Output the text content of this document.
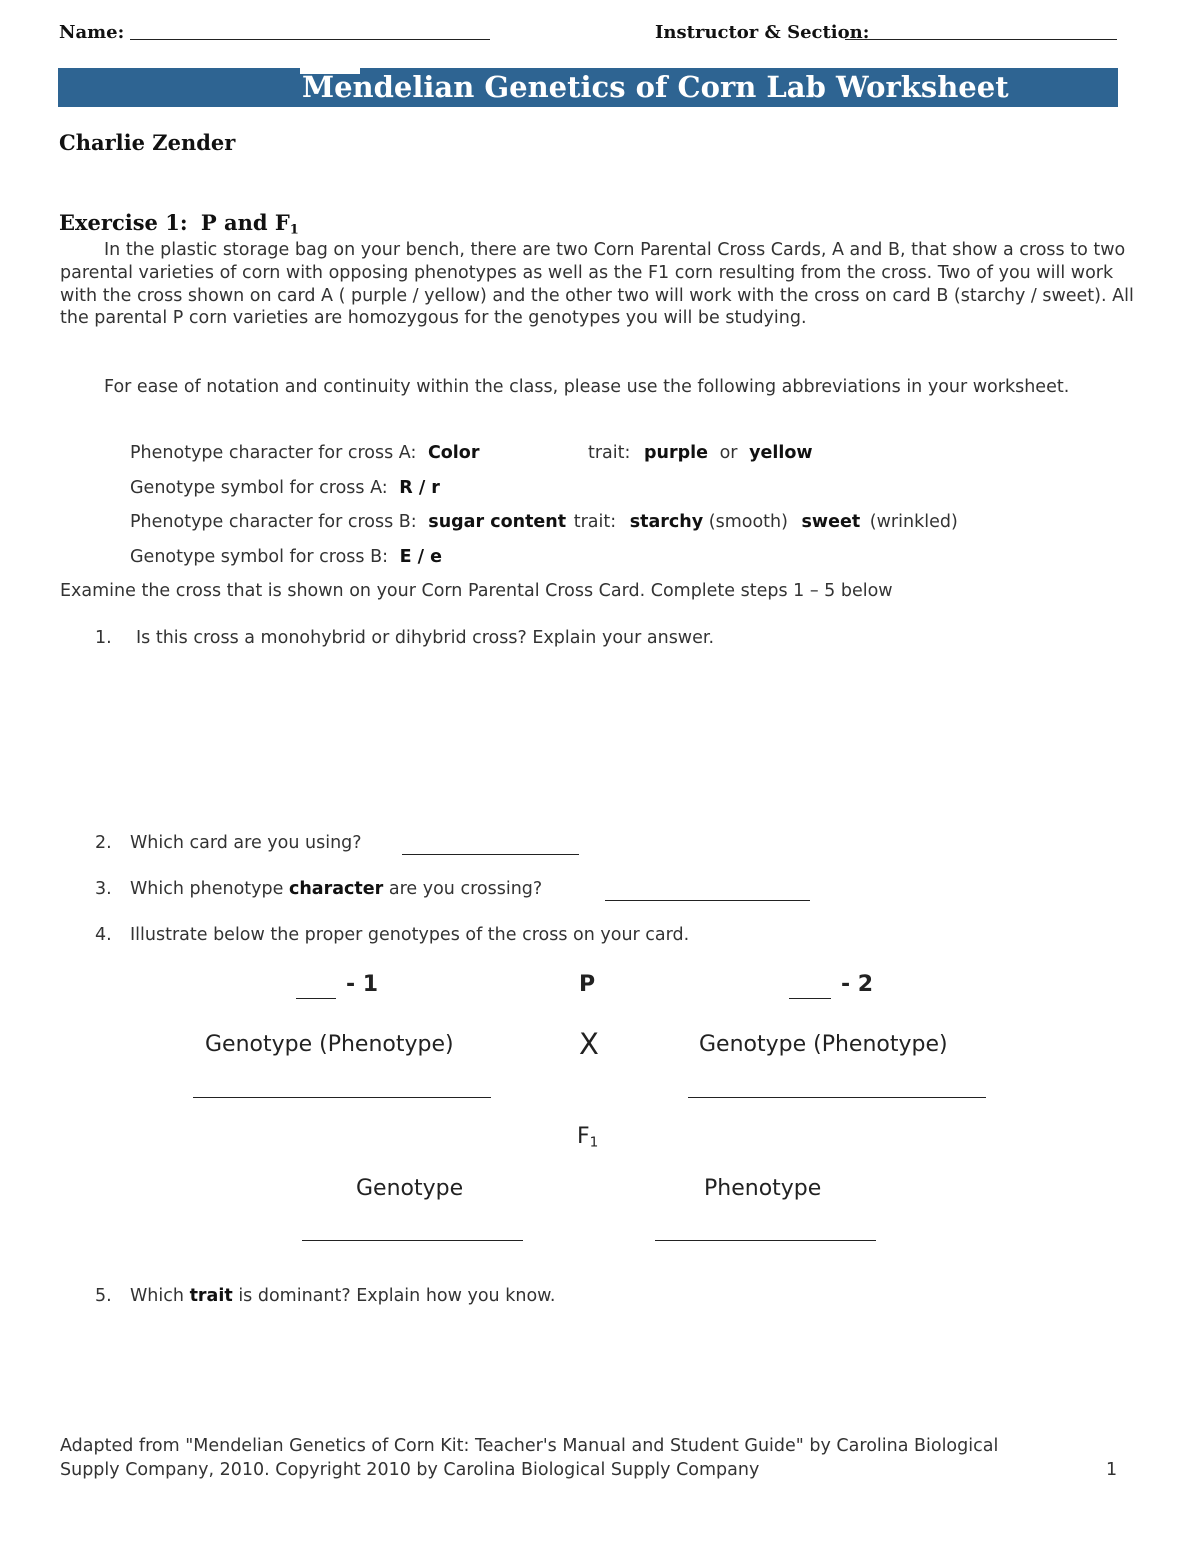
Name:	Instructor & Section:
Mendelian Genetics of Corn Lab Worksheet
Charlie Zender
Exercise 1: P and $F_1$
In the plastic storage bag on your bench, there are two Corn Parental Cross Cards, A and B, that show a cross to two parental varieties of corn with opposing phenotypes as well as the F1 corn resulting from the cross. Two of you will work with the cross shown on card A ( purple / yellow) and the other two will work with the cross on card B (starchy / sweet). All the parental P corn varieties are homozygous for the genotypes you will be studying.
For ease of notation and continuity within the class, please use the following abbreviations in your worksheet.
Phenotype character for cross A: Color	trait: purple or yellow
Genotype symbol for cross A: R / r
Phenotype character for cross B: sugar content trait: starchy (smooth) sweet (wrinkled)
Genotype symbol for cross B: E / e
Examine the cross that is shown on your Corn Parental Cross Card. Complete steps 1 – 5 below
1. Is this cross a monohybrid or dihybrid cross? Explain your answer.
2. Which card are you using?
3. Which phenotype character are you crossing?
4. Illustrate below the proper genotypes of the cross on your card.
- 1	P	- 2
Genotype (Phenotype)	X	Genotype (Phenotype)
$F_1$
Genotype	Phenotype
5. Which trait is dominant? Explain how you know.
Adapted from "Mendelian Genetics of Corn Kit: Teacher's Manual and Student Guide" by Carolina Biological
Supply Company, 2010. Copyright 2010 by Carolina Biological Supply Company	1
